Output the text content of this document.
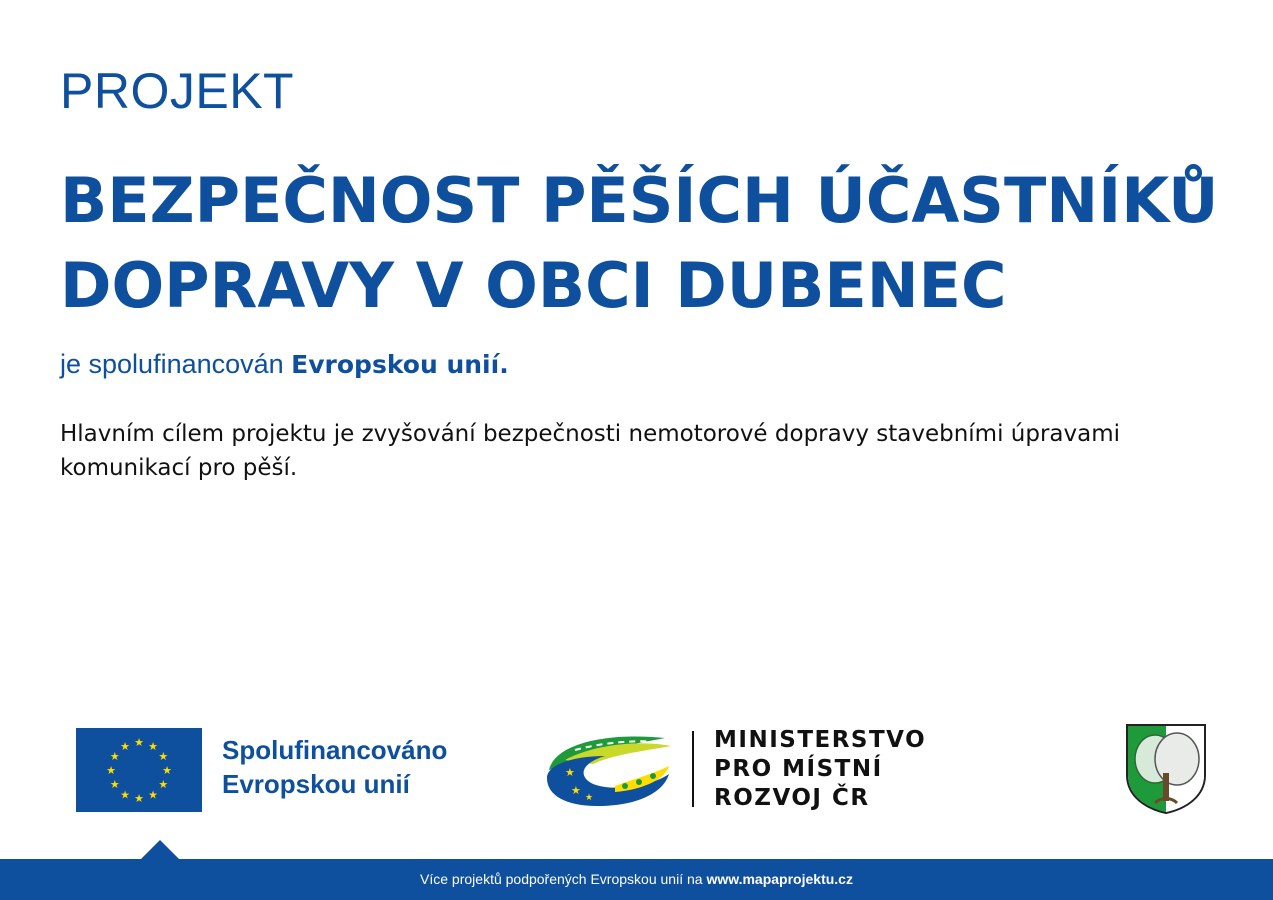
PROJEKT
BEZPEČNOST PĚŠÍCH ÚČASTNÍKŮ
DOPRAVY V OBCI DUBENEC
je spolufinancován Evropskou unií.
Hlavním cílem projektu je zvyšování bezpečnosti nemotorové dopravy stavebními úpravami komunikací pro pěší.
★ ★
★
★
★
★
★
★
★
★
★
★	Spolufinancováno
Evropskou unií	★
★
★
MINISTERSTVO
PRO MÍSTNÍ
ROZVOJ ČR
Více projektů podpořených Evropskou unií na www.mapaprojektu.cz
